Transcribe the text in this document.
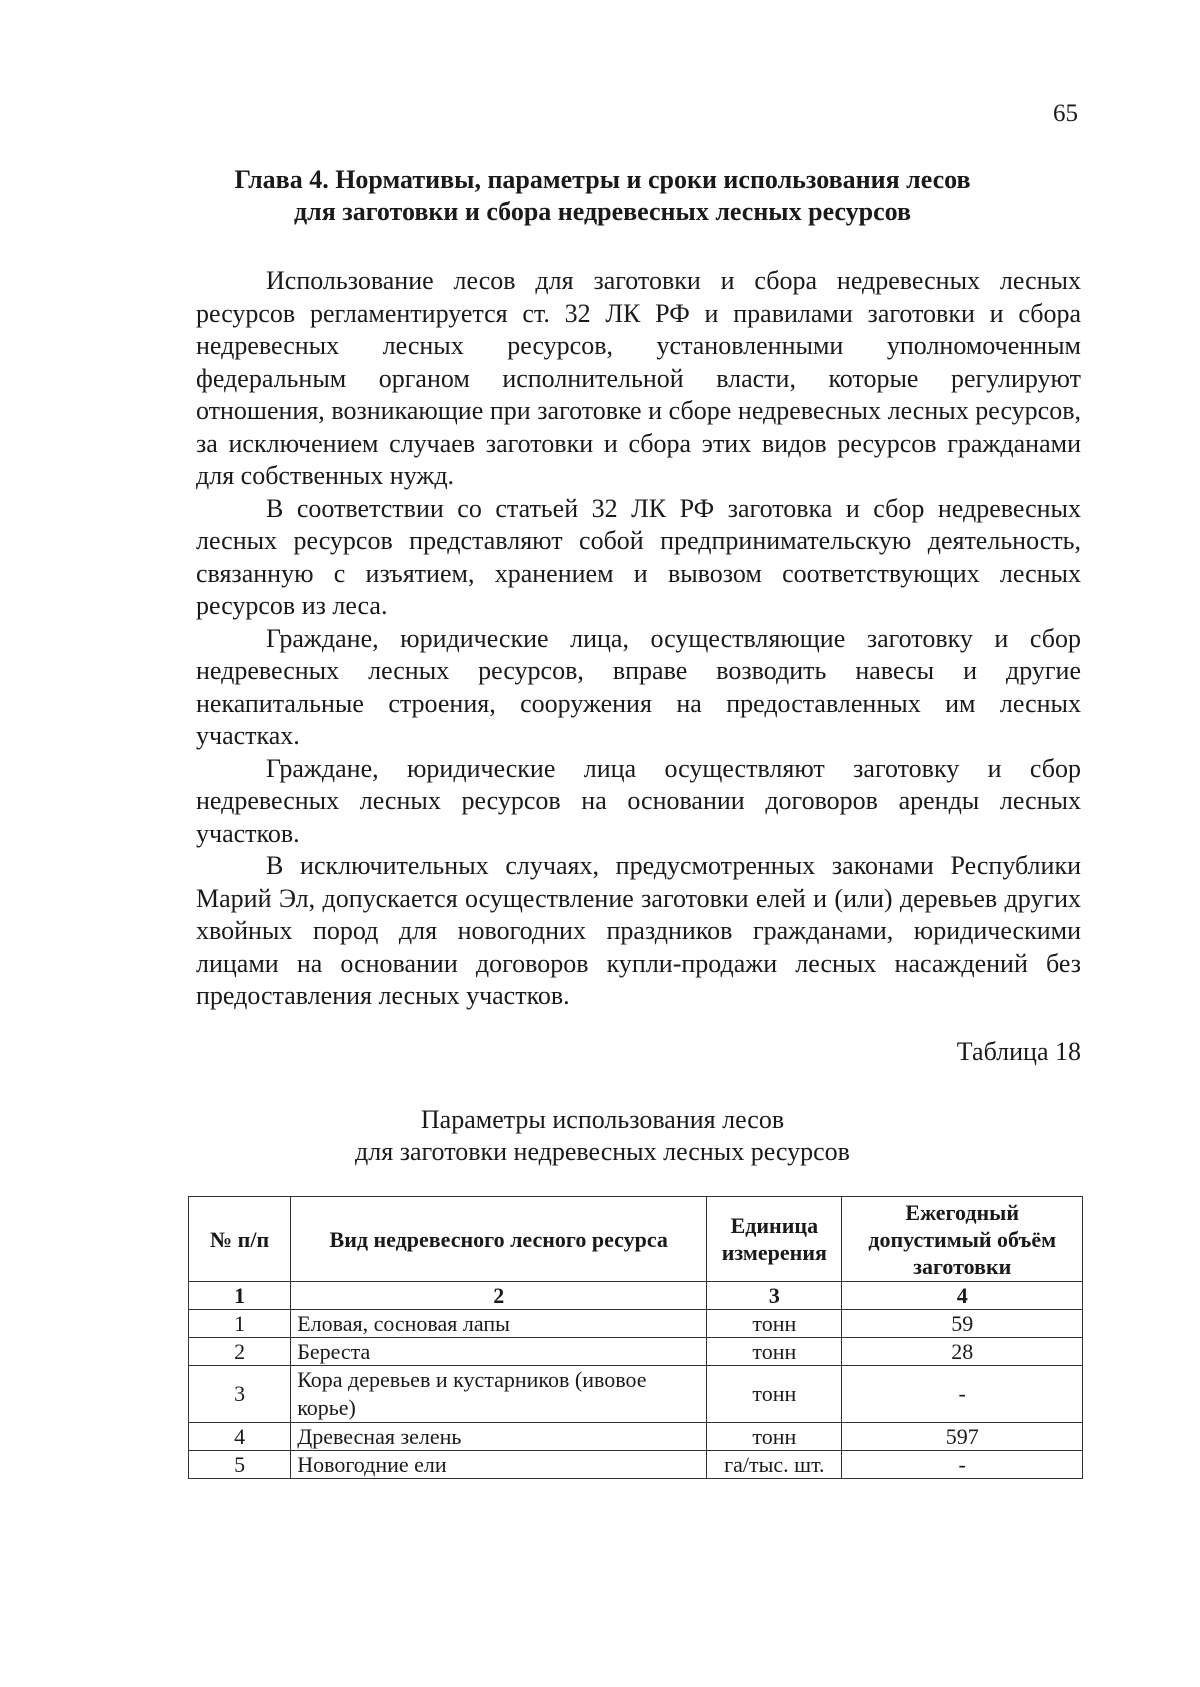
65
Глава 4. Нормативы, параметры и сроки использования лесов
для заготовки и сбора недревесных лесных ресурсов

Использование лесов для заготовки и сбора недревесных лесных ресурсов регламентируется ст. 32 ЛК РФ и правилами заготовки и сбора недревесных лесных ресурсов, установленными уполномоченным федеральным органом исполнительной власти, которые регулируют отношения, возникающие при заготовке и сборе недревесных лесных ресурсов, за исключением случаев заготовки и сбора этих видов ресурсов гражданами для собственных нужд.

В соответствии со статьей 32 ЛК РФ заготовка и сбор недревесных лесных ресурсов представляют собой предпринимательскую деятельность, связанную с изъятием, хранением и вывозом соответствующих лесных ресурсов из леса.

Граждане, юридические лица, осуществляющие заготовку и сбор недревесных лесных ресурсов, вправе возводить навесы и другие некапитальные строения, сооружения на предоставленных им лесных участках.

Граждане, юридические лица осуществляют заготовку и сбор недревесных лесных ресурсов на основании договоров аренды лесных участков.

В исключительных случаях, предусмотренных законами Республики Марий Эл, допускается осуществление заготовки елей и (или) деревьев других хвойных пород для новогодних праздников гражданами, юридическими лицами на основании договоров купли-продажи лесных насаждений без предоставления лесных участков.

Таблица 18
Параметры использования лесов
для заготовки недревесных лесных ресурсов
№ п/п	Вид недревесного лесного ресурса	Единица измерения	Ежегодный допустимый объём заготовки
1	2	3	4
1	Еловая, сосновая лапы	тонн	59
2	Береста	тонн	28
3	Кора деревьев и кустарников (ивовое корье)	тонн	-
4	Древесная зелень	тонн	597
5	Новогодние ели	га/тыс. шт.	-
